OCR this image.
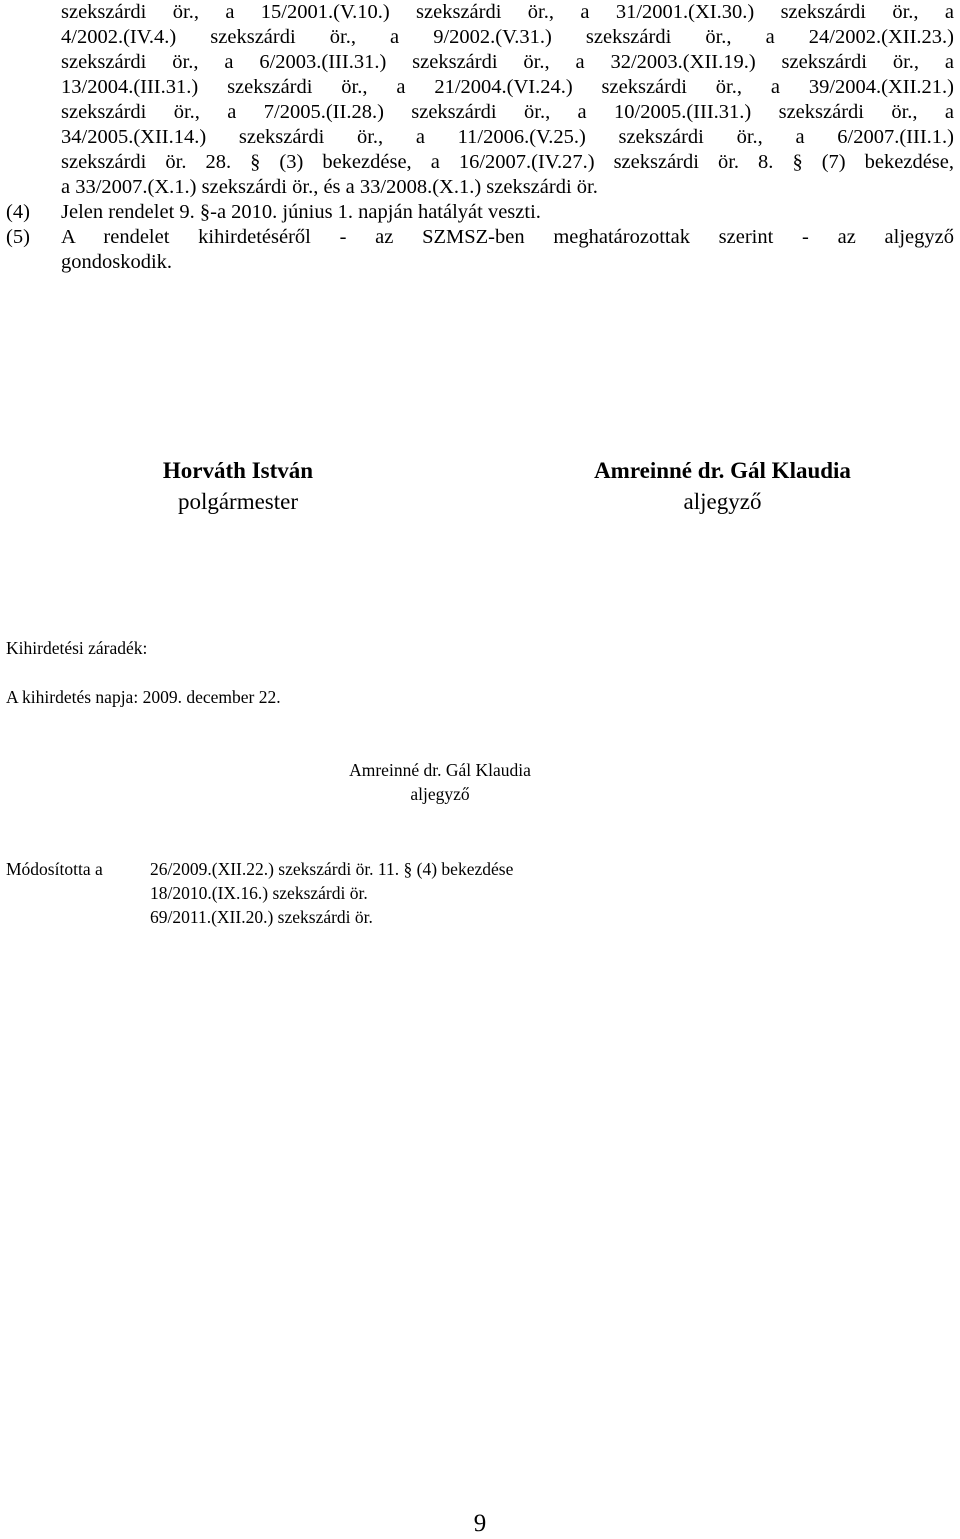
szekszárdi ör., a 15/2001.(V.10.) szekszárdi ör., a 31/2001.(XI.30.) szekszárdi ör., a
4/2002.(IV.4.) szekszárdi ör., a 9/2002.(V.31.) szekszárdi ör., a 24/2002.(XII.23.)
szekszárdi ör., a 6/2003.(III.31.) szekszárdi ör., a 32/2003.(XII.19.) szekszárdi ör., a
13/2004.(III.31.) szekszárdi ör., a 21/2004.(VI.24.) szekszárdi ör., a 39/2004.(XII.21.)
szekszárdi ör., a 7/2005.(II.28.) szekszárdi ör., a 10/2005.(III.31.) szekszárdi ör., a
34/2005.(XII.14.) szekszárdi ör., a 11/2006.(V.25.) szekszárdi ör., a 6/2007.(III.1.)
szekszárdi ör. 28. § (3) bekezdése, a 16/2007.(IV.27.) szekszárdi ör. 8. § (7) bekezdése,
a 33/2007.(X.1.) szekszárdi ör., és a 33/2008.(X.1.) szekszárdi ör.
(4) Jelen rendelet 9. §-a 2010. június 1. napján hatályát veszti.
(5) A rendelet kihirdetéséről - az SZMSZ-ben meghatározottak szerint - az aljegyző
gondoskodik.
Horváth István
polgármester
Amreinné dr. Gál Klaudia
aljegyző
Kihirdetési záradék:
A kihirdetés napja: 2009. december 22.
Amreinné dr. Gál Klaudia
aljegyző
Módosította a	26/2009.(XII.22.) szekszárdi ör. 11. § (4) bekezdése
18/2010.(IX.16.) szekszárdi ör.
69/2011.(XII.20.) szekszárdi ör.
9
